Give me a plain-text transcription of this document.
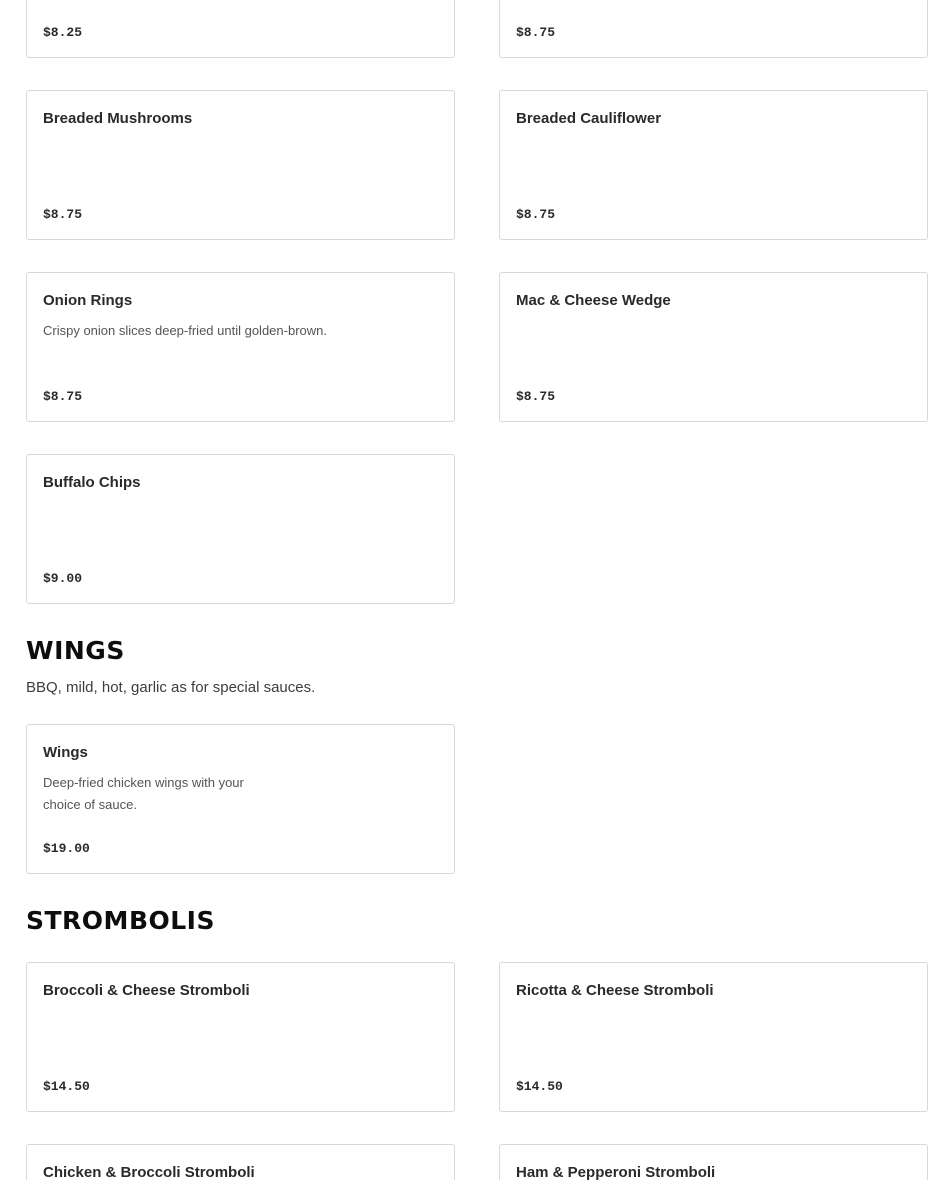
$8.25	$8.75
Breaded Mushrooms
$8.75
Breaded Cauliflower
$8.75
Onion Rings
Crispy onion slices deep-fried until golden-brown.
$8.75
Mac & Cheese Wedge
$8.75
Buffalo Chips
$9.00
WINGS

BBQ, mild, hot, garlic as for special sauces.

Wings
Deep-fried chicken wings with your choice of sauce.
$19.00
STROMBOLIS
Broccoli & Cheese Stromboli
$14.50
Ricotta & Cheese Stromboli
$14.50
Chicken & Broccoli Stromboli	Ham & Pepperoni Stromboli
